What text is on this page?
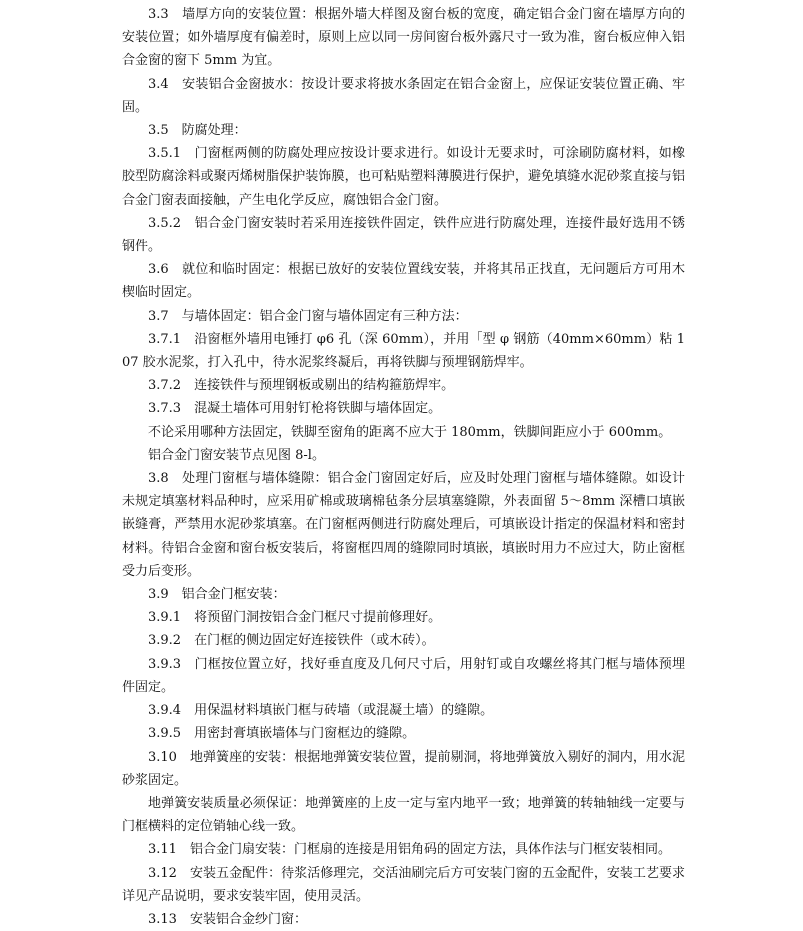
3.3　墙厚方向的安装位置：根据外墙大样图及窗台板的宽度，确定铝合金门窗在墙厚方向的安装位置；如外墙厚度有偏差时，原则上应以同一房间窗台板外露尺寸一致为准，窗台板应伸入铝合金窗的窗下 5mm 为宜。

3.4　安装铝合金窗披水：按设计要求将披水条固定在铝合金窗上，应保证安装位置正确、牢固。

3.5　防腐处理：

3.5.1　门窗框两侧的防腐处理应按设计要求进行。如设计无要求时，可涂刷防腐材料，如橡胶型防腐涂料或聚丙烯树脂保护装饰膜，也可粘贴塑料薄膜进行保护，避免填缝水泥砂浆直接与铝合金门窗表面接触，产生电化学反应，腐蚀铝合金门窗。

3.5.2　铝合金门窗安装时若采用连接铁件固定，铁件应进行防腐处理，连接件最好选用不锈钢件。

3.6　就位和临时固定：根据已放好的安装位置线安装，并将其吊正找直，无问题后方可用木楔临时固定。

3.7　与墙体固定：铝合金门窗与墙体固定有三种方法：

3.7.1　沿窗框外墙用电锤打 φ6 孔（深 60mm），并用「型 φ 钢筋（40mm×60mm）粘 107 胶水泥浆，打入孔中，待水泥浆终凝后，再将铁脚与预埋钢筋焊牢。

3.7.2　连接铁件与预埋钢板或剔出的结构箍筋焊牢。

3.7.3　混凝土墙体可用射钉枪将铁脚与墙体固定。

不论采用哪种方法固定，铁脚至窗角的距离不应大于 180mm，铁脚间距应小于 600mm。

铝合金门窗安装节点见图 8-l。

3.8　处理门窗框与墙体缝隙：铝合金门窗固定好后，应及时处理门窗框与墙体缝隙。如设计未规定填塞材料品种时，应采用矿棉或玻璃棉毡条分层填塞缝隙，外表面留 5～8mm 深槽口填嵌嵌缝膏，严禁用水泥砂浆填塞。在门窗框两侧进行防腐处理后，可填嵌设计指定的保温材料和密封材料。待铝合金窗和窗台板安装后，将窗框四周的缝隙同时填嵌，填嵌时用力不应过大，防止窗框受力后变形。

3.9　铝合金门框安装：

3.9.1　将预留门洞按铝合金门框尺寸提前修理好。

3.9.2　在门框的侧边固定好连接铁件（或木砖）。

3.9.3　门框按位置立好，找好垂直度及几何尺寸后，用射钉或自攻螺丝将其门框与墙体预埋件固定。

3.9.4　用保温材料填嵌门框与砖墙（或混凝土墙）的缝隙。

3.9.5　用密封膏填嵌墙体与门窗框边的缝隙。

3.10　地弹簧座的安装：根据地弹簧安装位置，提前剔洞，将地弹簧放入剔好的洞内，用水泥砂浆固定。

地弹簧安装质量必须保证：地弹簧座的上皮一定与室内地平一致；地弹簧的转轴轴线一定要与门框横料的定位销轴心线一致。

3.11　铝合金门扇安装：门框扇的连接是用铝角码的固定方法，具体作法与门框安装相同。

3.12　安装五金配件：待浆活修理完，交活油刷完后方可安装门窗的五金配件，安装工艺要求详见产品说明，要求安装牢固，使用灵活。

3.13　安装铝合金纱门窗：
